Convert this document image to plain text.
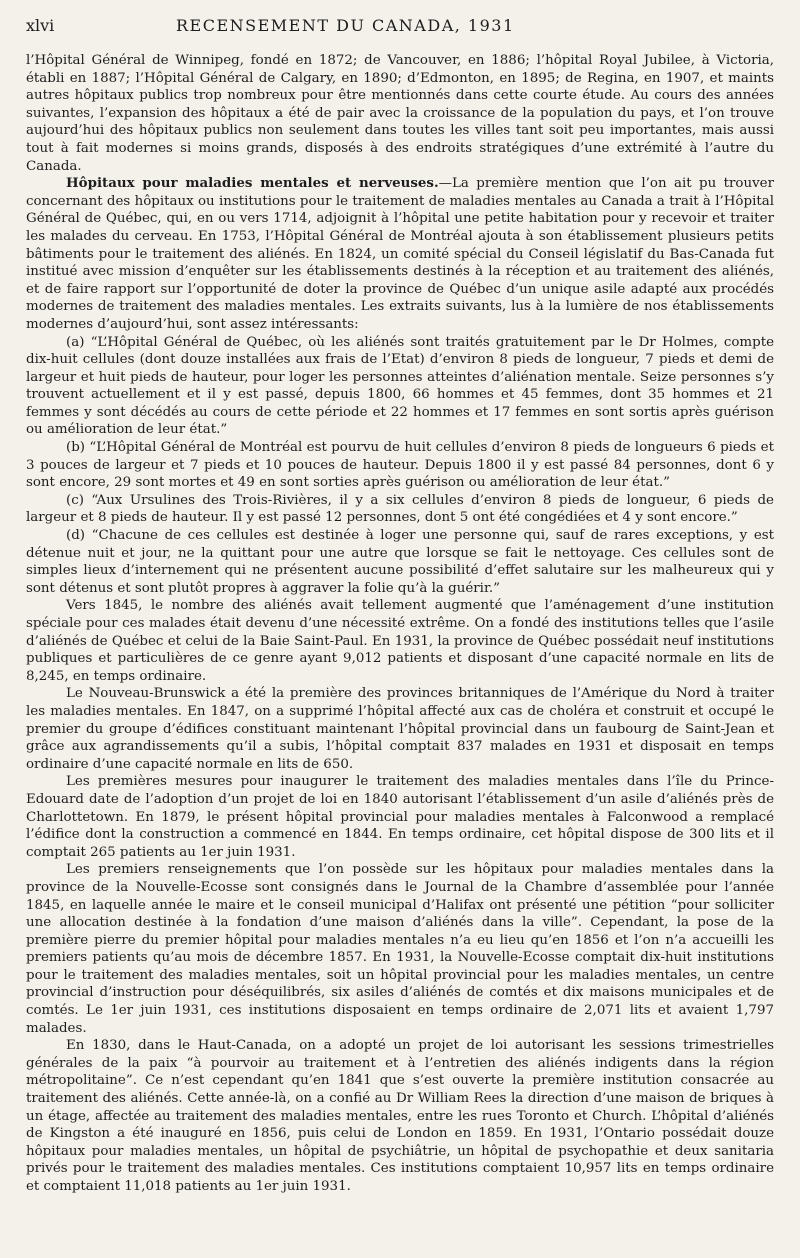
xlvi	RECENSEMENT DU CANADA, 1931

l’Hôpital Général de Winnipeg, fondé en 1872; de Vancouver, en 1886; l’hôpital Royal Jubilee, à Victoria, établi en 1887; l’Hôpital Général de Calgary, en 1890; d’Edmonton, en 1895; de Regina, en 1907, et maints autres hôpitaux publics trop nombreux pour être mentionnés dans cette courte étude. Au cours des années suivantes, l’expansion des hôpitaux a été de pair avec la croissance de la population du pays, et l’on trouve aujourd’hui des hôpitaux publics non seulement dans toutes les villes tant soit peu importantes, mais aussi tout à fait modernes si moins grands, disposés à des endroits stratégiques d’une extrémité à l’autre du Canada.

Hôpitaux pour maladies mentales et nerveuses.—La première mention que l’on ait pu trouver concernant des hôpitaux ou institutions pour le traitement de maladies mentales au Canada a trait à l’Hôpital Général de Québec, qui, en ou vers 1714, adjoignit à l’hôpital une petite habitation pour y recevoir et traiter les malades du cerveau. En 1753, l’Hôpital Général de Montréal ajouta à son établissement plusieurs petits bâtiments pour le traitement des aliénés. En 1824, un comité spécial du Conseil législatif du Bas-Canada fut institué avec mission d’enquêter sur les établissements destinés à la réception et au traitement des aliénés, et de faire rapport sur l’opportunité de doter la province de Québec d’un unique asile adapté aux procédés modernes de traitement des maladies mentales. Les extraits suivants, lus à la lumière de nos établissements modernes d’aujourd’hui, sont assez intéressants:

(a) “L’Hôpital Général de Québec, où les aliénés sont traités gratuitement par le Dr Holmes, compte dix-huit cellules (dont douze installées aux frais de l’Etat) d’environ 8 pieds de longueur, 7 pieds et demi de largeur et huit pieds de hauteur, pour loger les personnes atteintes d’aliénation mentale. Seize personnes s’y trouvent actuellement et il y est passé, depuis 1800, 66 hommes et 45 femmes, dont 35 hommes et 21 femmes y sont décédés au cours de cette période et 22 hommes et 17 femmes en sont sortis après guérison ou amélioration de leur état.”

(b) “L’Hôpital Général de Montréal est pourvu de huit cellules d’environ 8 pieds de longueurs 6 pieds et 3 pouces de largeur et 7 pieds et 10 pouces de hauteur. Depuis 1800 il y est passé 84 personnes, dont 6 y sont encore, 29 sont mortes et 49 en sont sorties après guérison ou amélioration de leur état.”

(c) “Aux Ursulines des Trois-Rivières, il y a six cellules d’environ 8 pieds de longueur, 6 pieds de largeur et 8 pieds de hauteur. Il y est passé 12 personnes, dont 5 ont été congédiées et 4 y sont encore.”

(d) “Chacune de ces cellules est destinée à loger une personne qui, sauf de rares exceptions, y est détenue nuit et jour, ne la quittant pour une autre que lorsque se fait le nettoyage. Ces cellules sont de simples lieux d’internement qui ne présentent aucune possibilité d’effet salutaire sur les malheureux qui y sont détenus et sont plutôt propres à aggraver la folie qu’à la guérir.”

Vers 1845, le nombre des aliénés avait tellement augmenté que l’aménagement d’une institution spéciale pour ces malades était devenu d’une nécessité extrême. On a fondé des institutions telles que l’asile d’aliénés de Québec et celui de la Baie Saint-Paul. En 1931, la province de Québec possédait neuf institutions publiques et particulières de ce genre ayant 9,012 patients et disposant d’une capacité normale en lits de 8,245, en temps ordinaire.

Le Nouveau-Brunswick a été la première des provinces britanniques de l’Amérique du Nord à traiter les maladies mentales. En 1847, on a supprimé l’hôpital affecté aux cas de choléra et construit et occupé le premier du groupe d’édifices constituant maintenant l’hôpital provincial dans un faubourg de Saint-Jean et grâce aux agrandissements qu’il a subis, l’hôpital comptait 837 malades en 1931 et disposait en temps ordinaire d’une capacité normale en lits de 650.

Les premières mesures pour inaugurer le traitement des maladies mentales dans l’île du Prince-Edouard date de l’adoption d’un projet de loi en 1840 autorisant l’établissement d’un asile d’aliénés près de Charlottetown. En 1879, le présent hôpital provincial pour maladies mentales à Falconwood a remplacé l’édifice dont la construction a commencé en 1844. En temps ordinaire, cet hôpital dispose de 300 lits et il comptait 265 patients au 1er juin 1931.

Les premiers renseignements que l’on possède sur les hôpitaux pour maladies mentales dans la province de la Nouvelle-Ecosse sont consignés dans le Journal de la Chambre d’assemblée pour l’année 1845, en laquelle année le maire et le conseil municipal d’Halifax ont présenté une pétition “pour solliciter une allocation destinée à la fondation d’une maison d’aliénés dans la ville”. Cependant, la pose de la première pierre du premier hôpital pour maladies mentales n’a eu lieu qu’en 1856 et l’on n’a accueilli les premiers patients qu’au mois de décembre 1857. En 1931, la Nouvelle-Ecosse comptait dix-huit institutions pour le traitement des maladies mentales, soit un hôpital provincial pour les maladies mentales, un centre provincial d’instruction pour déséquilibrés, six asiles d’aliénés de comtés et dix maisons municipales et de comtés. Le 1er juin 1931, ces institutions disposaient en temps ordinaire de 2,071 lits et avaient 1,797 malades.

En 1830, dans le Haut-Canada, on a adopté un projet de loi autorisant les sessions trimestrielles générales de la paix “à pourvoir au traitement et à l’entretien des aliénés indigents dans la région métropolitaine”. Ce n’est cependant qu’en 1841 que s’est ouverte la première institution consacrée au traitement des aliénés. Cette année-là, on a confié au Dr William Rees la direction d’une maison de briques à un étage, affectée au traitement des maladies mentales, entre les rues Toronto et Church. L’hôpital d’aliénés de Kingston a été inauguré en 1856, puis celui de London en 1859. En 1931, l’Ontario possédait douze hôpitaux pour maladies mentales, un hôpital de psychiâtrie, un hôpital de psychopathie et deux sanitaria privés pour le traitement des maladies mentales. Ces institutions comptaient 10,957 lits en temps ordinaire et comptaient 11,018 patients au 1er juin 1931.
